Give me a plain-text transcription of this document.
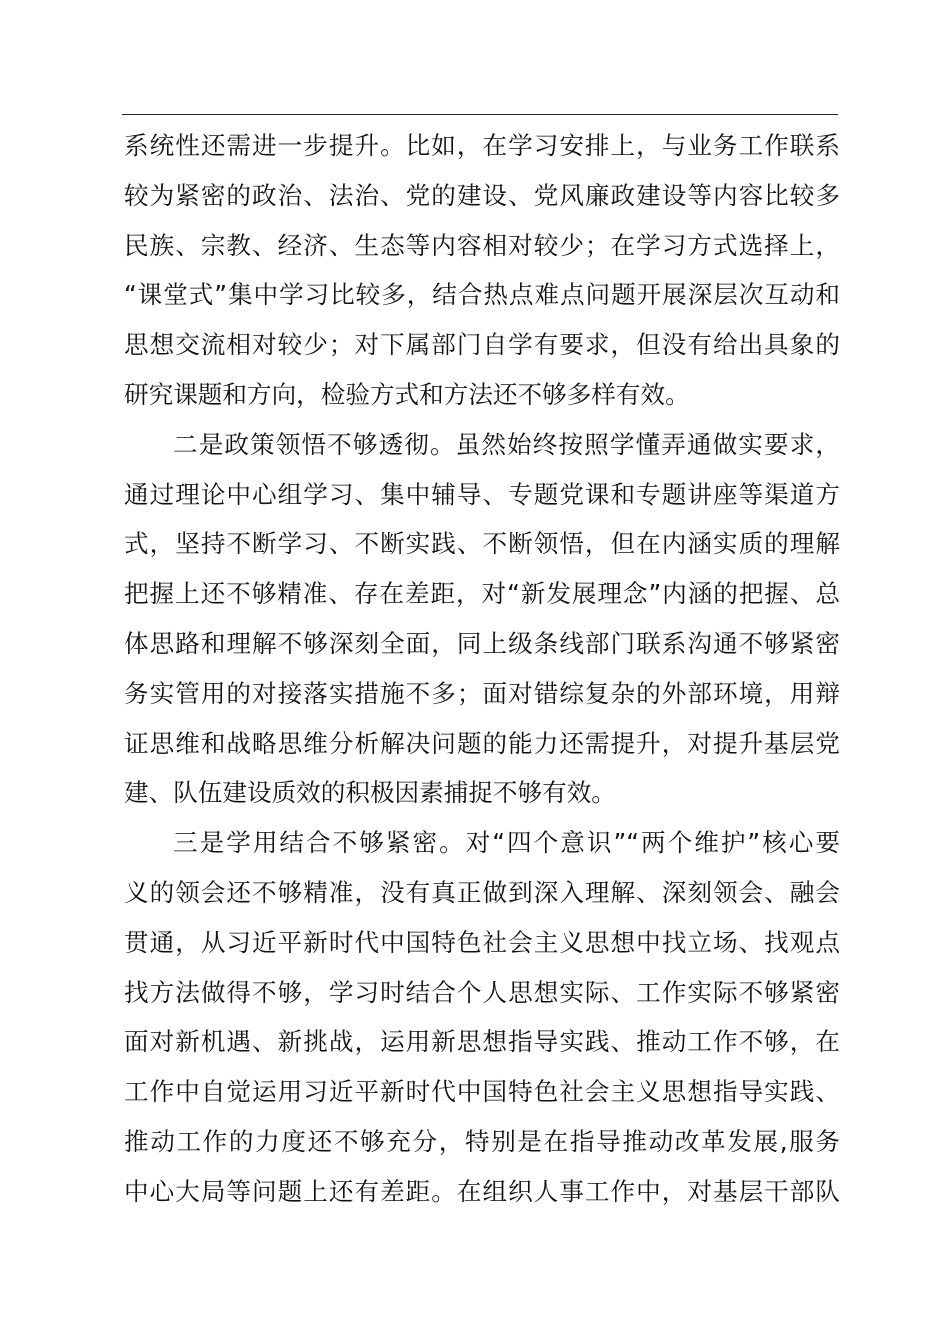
系统性还需进一步提升。比如，在学习安排上，与业务工作联系
较为紧密的政治、法治、党的建设、党风廉政建设等内容比较多
民族、宗教、经济、生态等内容相对较少；在学习方式选择上，
“课堂式”集中学习比较多，结合热点难点问题开展深层次互动和
思想交流相对较少；对下属部门自学有要求，但没有给出具象的
研究课题和方向，检验方式和方法还不够多样有效。
二是政策领悟不够透彻。虽然始终按照学懂弄通做实要求，
通过理论中心组学习、集中辅导、专题党课和专题讲座等渠道方
式，坚持不断学习、不断实践、不断领悟，但在内涵实质的理解
把握上还不够精准、存在差距，对“新发展理念”内涵的把握、总
体思路和理解不够深刻全面，同上级条线部门联系沟通不够紧密
务实管用的对接落实措施不多；面对错综复杂的外部环境，用辩
证思维和战略思维分析解决问题的能力还需提升，对提升基层党
建、队伍建设质效的积极因素捕捉不够有效。
三是学用结合不够紧密。对“四个意识”“两个维护”核心要
义的领会还不够精准，没有真正做到深入理解、深刻领会、融会
贯通，从习近平新时代中国特色社会主义思想中找立场、找观点
找方法做得不够，学习时结合个人思想实际、工作实际不够紧密
面对新机遇、新挑战，运用新思想指导实践、推动工作不够，在
工作中自觉运用习近平新时代中国特色社会主义思想指导实践、
推动工作的力度还不够充分，特别是在指导推动改革发展,服务
中心大局等问题上还有差距。在组织人事工作中，对基层干部队
